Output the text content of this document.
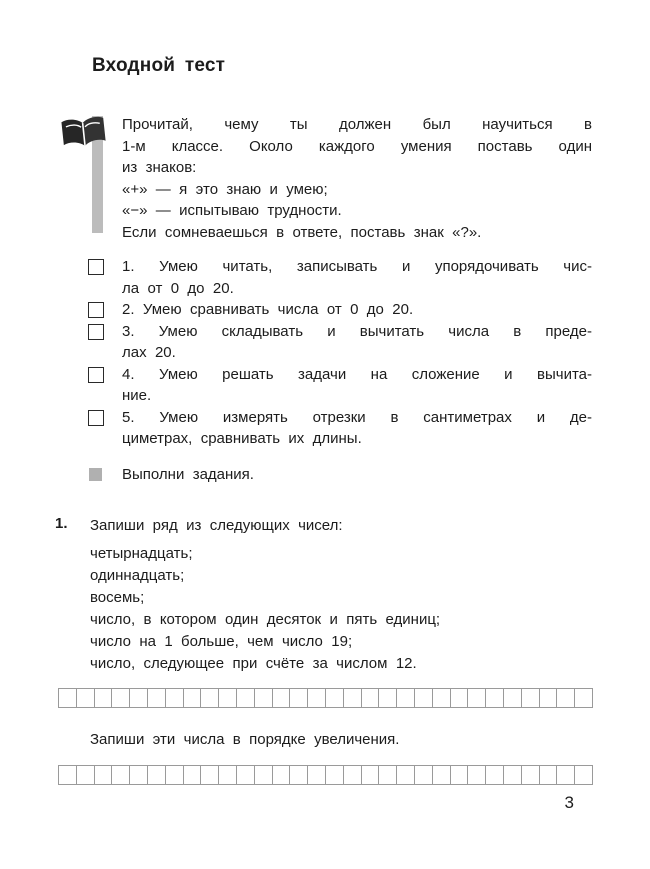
Входной тест
Прочитай, чему ты должен был научиться в
1-м классе. Около каждого умения поставь один
из знаков:
«+» — я это знаю и умею;
«−» — испытываю трудности.
Если сомневаешься в ответе, поставь знак «?».
1. Умею читать, записывать и упорядочивать чис-
ла от 0 до 20.
2. Умею сравнивать числа от 0 до 20.
3. Умею складывать и вычитать числа в преде-
лах 20.
4. Умею решать задачи на сложение и вычита-
ние.
5. Умею измерять отрезки в сантиметрах и де-
циметрах, сравнивать их длины.
Выполни задания.
1.	Запиши ряд из следующих чисел:
четырнадцать;
одиннадцать;
восемь;
число, в котором один десяток и пять единиц;
число на 1 больше, чем число 19;
число, следующее при счёте за числом 12.
Запиши эти числа в порядке увеличения.
3
